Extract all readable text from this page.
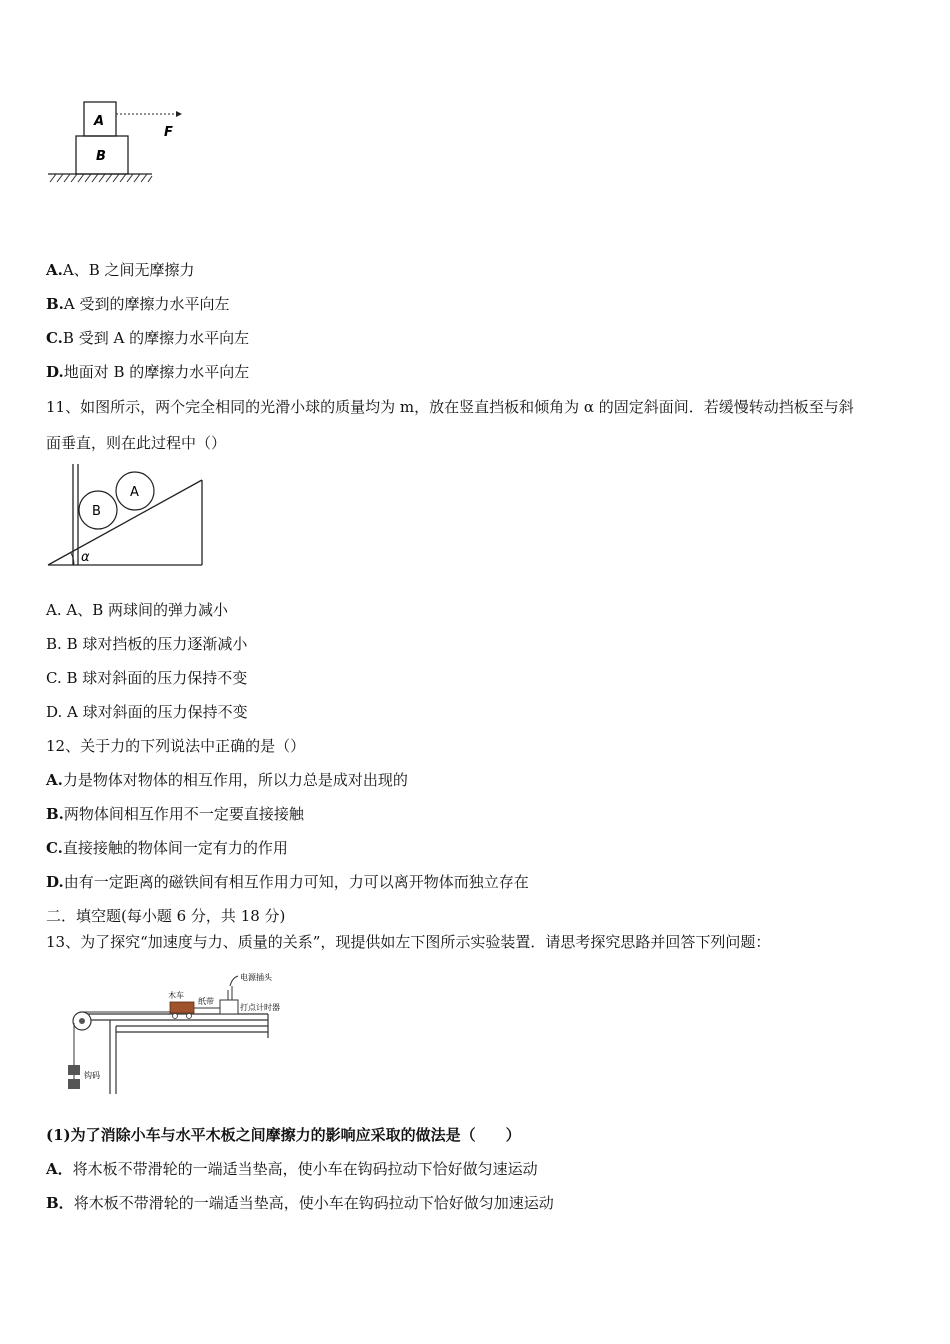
A
B
F
A.A、B 之间无摩擦力
B.A 受到的摩擦力水平向左
C.B 受到 A 的摩擦力水平向左
D.地面对 B 的摩擦力水平向左
11、如图所示，两个完全相同的光滑小球的质量均为 m，放在竖直挡板和倾角为 α 的固定斜面间．若缓慢转动挡板至与斜
面垂直，则在此过程中（）
B
A
α
A. A、B 两球间的弹力减小
B. B 球对挡板的压力逐渐减小
C. B 球对斜面的压力保持不变
D. A 球对斜面的压力保持不变
12、关于力的下列说法中正确的是（）
A.力是物体对物体的相互作用，所以力总是成对出现的
B.两物体间相互作用不一定要直接接触
C.直接接触的物体间一定有力的作用
D.由有一定距离的磁铁间有相互作用力可知，力可以离开物体而独立存在
二．填空题(每小题 6 分，共 18 分)
13、为了探究“加速度与力、质量的关系”，现提供如左下图所示实验装置．请思考探究思路并回答下列问题：
电源插头
木车
纸带
打点计时器
钩码
(1)为了消除小车与水平木板之间摩擦力的影响应采取的做法是（　　）
A．将木板不带滑轮的一端适当垫高，使小车在钩码拉动下恰好做匀速运动
B．将木板不带滑轮的一端适当垫高，使小车在钩码拉动下恰好做匀加速运动
